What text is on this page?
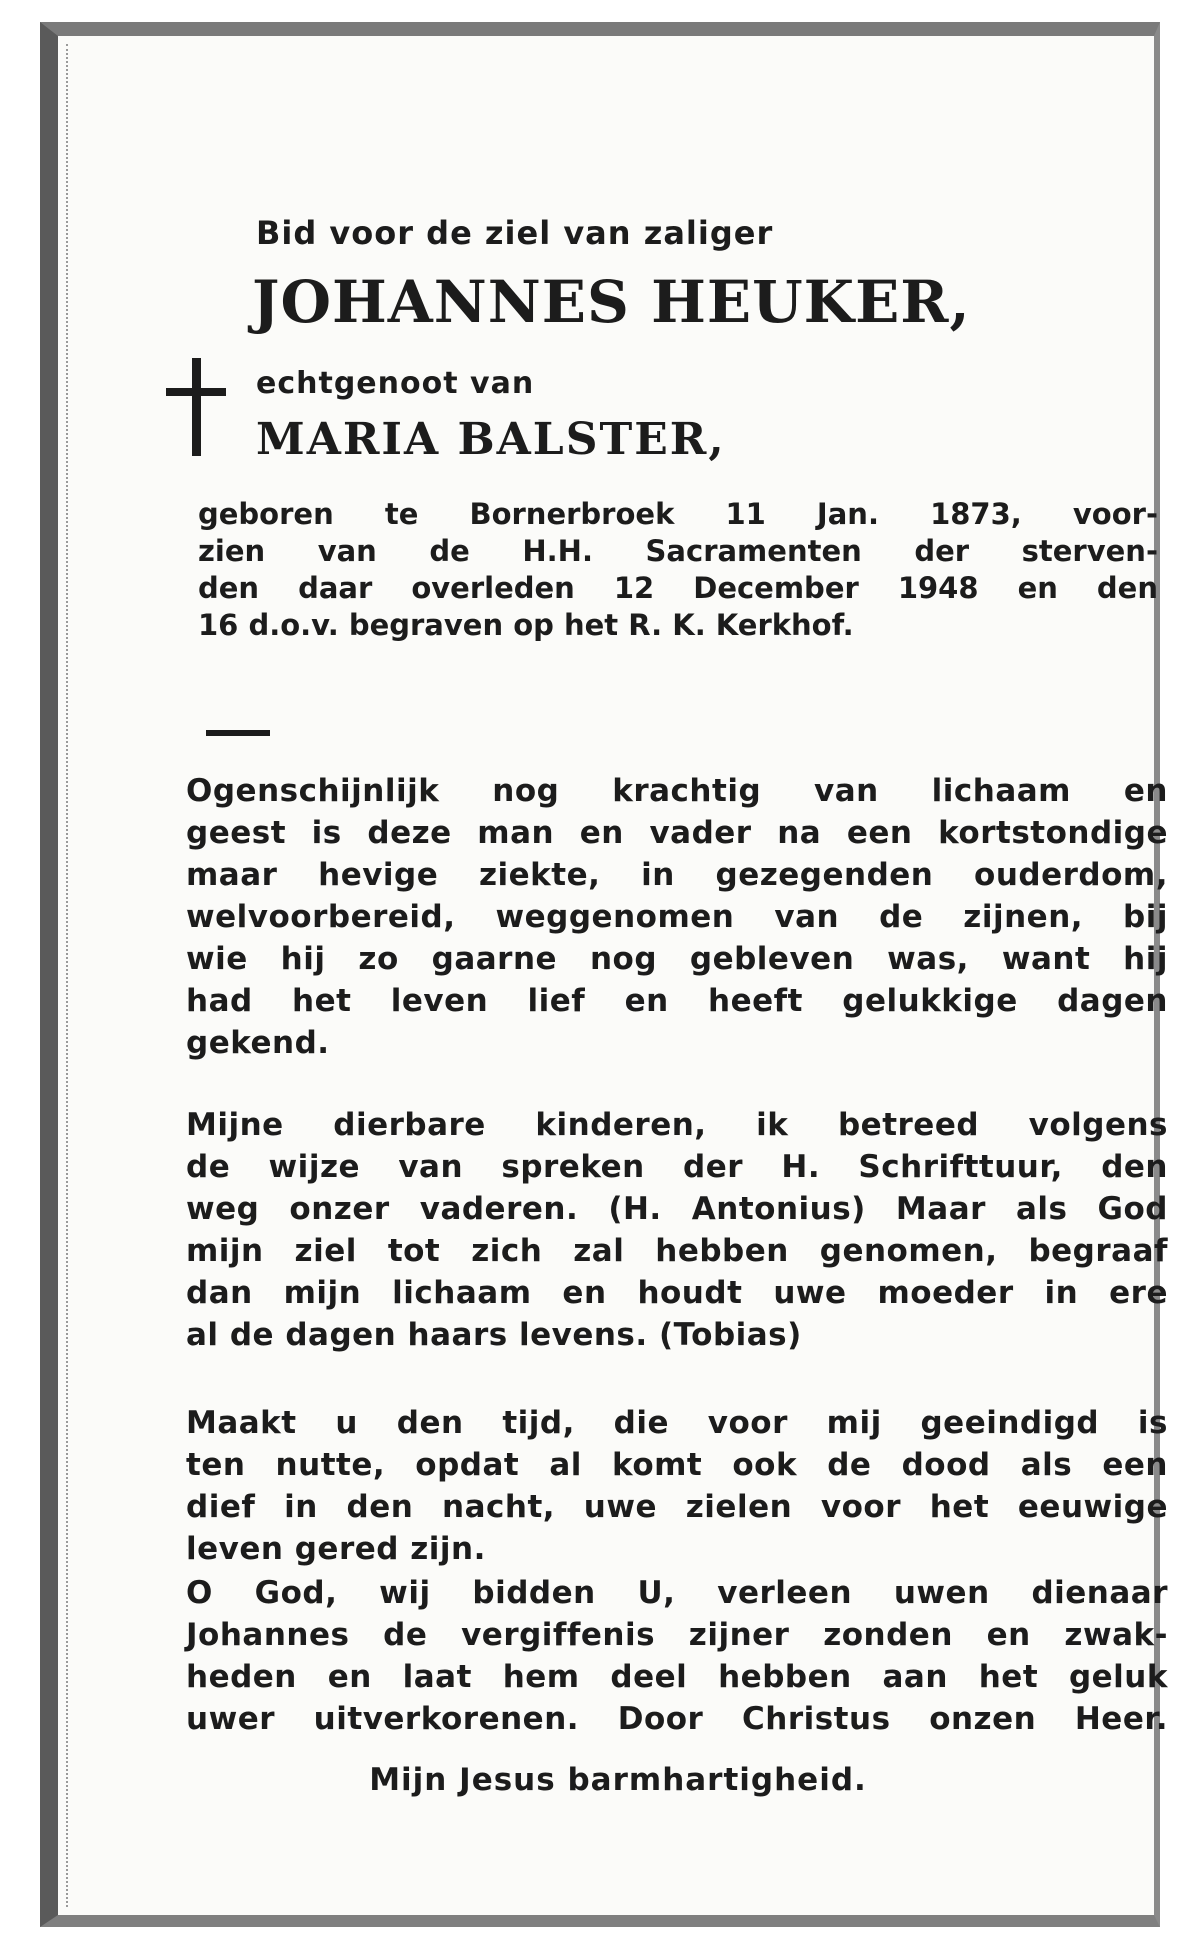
Bid voor de ziel van zaliger
JOHANNES HEUKER,
echtgenoot van
MARIA BALSTER,
geboren te Bornerbroek 11 Jan. 1873, voor-
zien van de H.H. Sacramenten der sterven-
den daar overleden 12 December 1948 en den
16 d.o.v. begraven op het R. K. Kerkhof.
Ogenschijnlijk nog krachtig van lichaam en
geest is deze man en vader na een kortstondige
maar hevige ziekte, in gezegenden ouderdom,
welvoorbereid, weggenomen van de zijnen, bij
wie hij zo gaarne nog gebleven was, want hij
had het leven lief en heeft gelukkige dagen
gekend.
Mijne dierbare kinderen, ik betreed volgens
de wijze van spreken der H. Schrifttuur, den
weg onzer vaderen. (H. Antonius) Maar als God
mijn ziel tot zich zal hebben genomen, begraaf
dan mijn lichaam en houdt uwe moeder in ere
al de dagen haars levens. (Tobias)
Maakt u den tijd, die voor mij geeindigd is
ten nutte, opdat al komt ook de dood als een
dief in den nacht, uwe zielen voor het eeuwige
leven gered zijn.
O God, wij bidden U, verleen uwen dienaar
Johannes de vergiffenis zijner zonden en zwak-
heden en laat hem deel hebben aan het geluk
uwer uitverkorenen. Door Christus onzen Heer.
Mijn Jesus barmhartigheid.
